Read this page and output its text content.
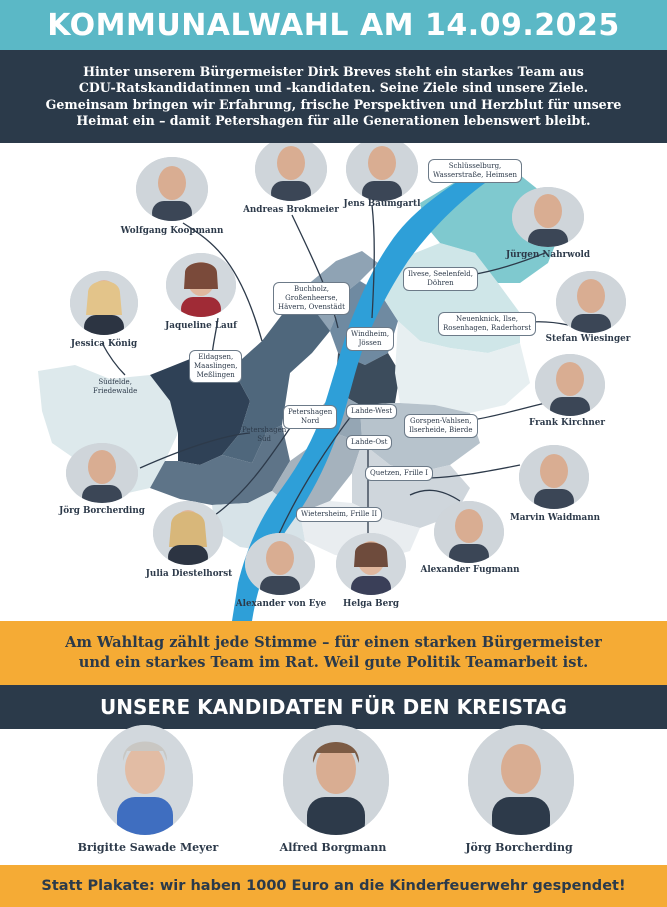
KOMMUNALWAHL AM 14.09.2025

Hinter unserem Bürgermeister Dirk Breves steht ein starkes Team aus
CDU-Ratskandidatinnen und -kandidaten. Seine Ziele sind unsere Ziele.
Gemeinsam bringen wir Erfahrung, frische Perspektiven und Herzblut für unsere
Heimat ein – damit Petershagen für alle Generationen lebenswert bleibt.

Schlüsselburg,
Wasserstraße, Heimsen
Ilvese, Seelenfeld,
Döhren
Buchholz,
Großenheerse,
Hävern, Ovenstädt
Neuenknick, Ilse,
Rosenhagen, Raderhorst
Windheim,
Jössen
Eldagsen,
Maaslingen,
Meßlingen
Südfelde,
Friedewalde
Petershagen
Nord
Lahde-West
Gorspen-Vahlsen,
Ilserheide, Bierde
Petershagen
Süd	Lahde-Ost
Quetzen, Frille I
Wietersheim, Frille II
Wolfgang Koopmann
Andreas Brokmeier
Jens Baumgartl
Jürgen Nahrwold
Jessica König
Jaqueline Lauf
Stefan Wiesinger
Frank Kirchner
Jörg Borcherding
Marvin Waidmann
Julia Diestelhorst	Alexander Fugmann
Alexander von Eye Helga Berg

Am Wahltag zählt jede Stimme – für einen starken Bürgermeister
und ein starkes Team im Rat. Weil gute Politik Teamarbeit ist.

UNSERE KANDIDATEN FÜR DEN KREISTAG
Brigitte Sawade Meyer	Alfred Borgmann	Jörg Borcherding
Statt Plakate: wir haben 1000 Euro an die Kinderfeuerwehr gespendet!
